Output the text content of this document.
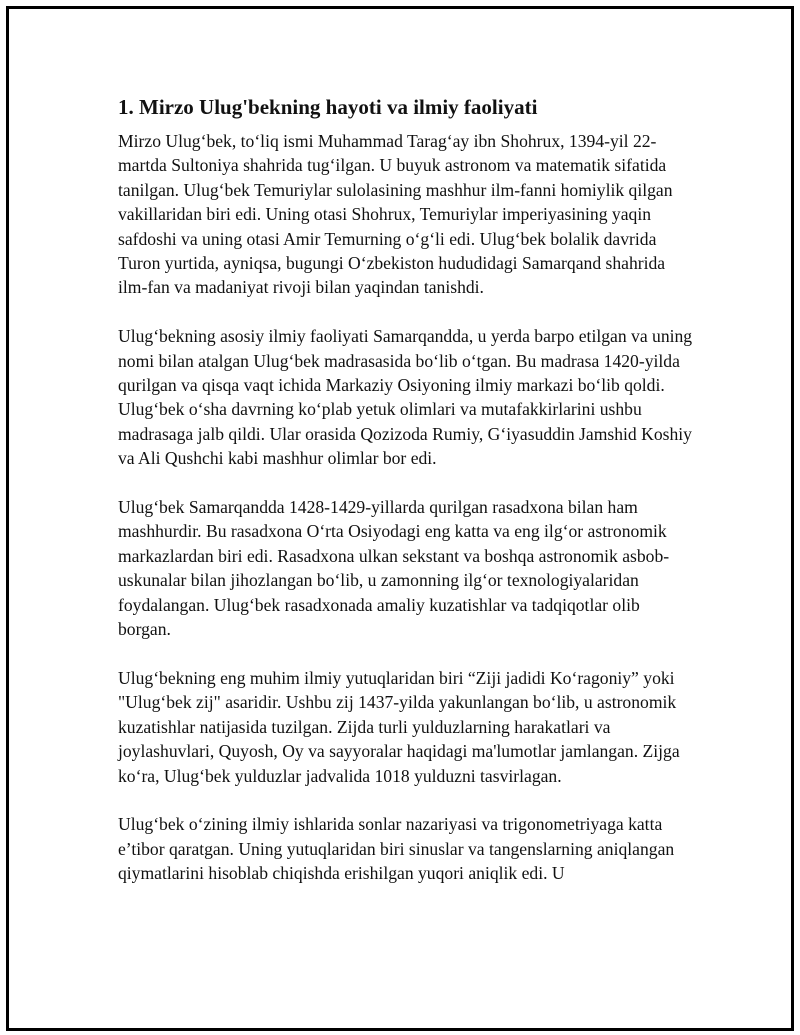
1. Mirzo Ulug'bekning hayoti va ilmiy faoliyati

Mirzo Ulug‘bek, to‘liq ismi Muhammad Tarag‘ay ibn Shohrux, 1394-yil 22-martda Sultoniya shahrida tug‘ilgan. U buyuk astronom va matematik sifatida tanilgan. Ulug‘bek Temuriylar sulolasining mashhur ilm-fanni homiylik qilgan vakillaridan biri edi. Uning otasi Shohrux, Temuriylar imperiyasining yaqin safdoshi va uning otasi Amir Temurning o‘g‘li edi. Ulug‘bek bolalik davrida Turon yurtida, ayniqsa, bugungi O‘zbekiston hududidagi Samarqand shahrida ilm-fan va madaniyat rivoji bilan yaqindan tanishdi.

Ulug‘bekning asosiy ilmiy faoliyati Samarqandda, u yerda barpo etilgan va uning nomi bilan atalgan Ulug‘bek madrasasida bo‘lib o‘tgan. Bu madrasa 1420-yilda qurilgan va qisqa vaqt ichida Markaziy Osiyoning ilmiy markazi bo‘lib qoldi. Ulug‘bek o‘sha davrning ko‘plab yetuk olimlari va mutafakkirlarini ushbu madrasaga jalb qildi. Ular orasida Qozizoda Rumiy, G‘iyasuddin Jamshid Koshiy va Ali Qushchi kabi mashhur olimlar bor edi.

Ulug‘bek Samarqandda 1428-1429-yillarda qurilgan rasadxona bilan ham mashhurdir. Bu rasadxona O‘rta Osiyodagi eng katta va eng ilg‘or astronomik markazlardan biri edi. Rasadxona ulkan sekstant va boshqa astronomik asbob-uskunalar bilan jihozlangan bo‘lib, u zamonning ilg‘or texnologiyalaridan foydalangan. Ulug‘bek rasadxonada amaliy kuzatishlar va tadqiqotlar olib borgan.

Ulug‘bekning eng muhim ilmiy yutuqlaridan biri “Ziji jadidi Ko‘ragoniy” yoki "Ulug‘bek zij" asaridir. Ushbu zij 1437-yilda yakunlangan bo‘lib, u astronomik kuzatishlar natijasida tuzilgan. Zijda turli yulduzlarning harakatlari va joylashuvlari, Quyosh, Oy va sayyoralar haqidagi ma'lumotlar jamlangan. Zijga ko‘ra, Ulug‘bek yulduzlar jadvalida 1018 yulduzni tasvirlagan.

Ulug‘bek o‘zining ilmiy ishlarida sonlar nazariyasi va trigonometriyaga katta e’tibor qaratgan. Uning yutuqlaridan biri sinuslar va tangenslarning aniqlangan qiymatlarini hisoblab chiqishda erishilgan yuqori aniqlik edi. U
